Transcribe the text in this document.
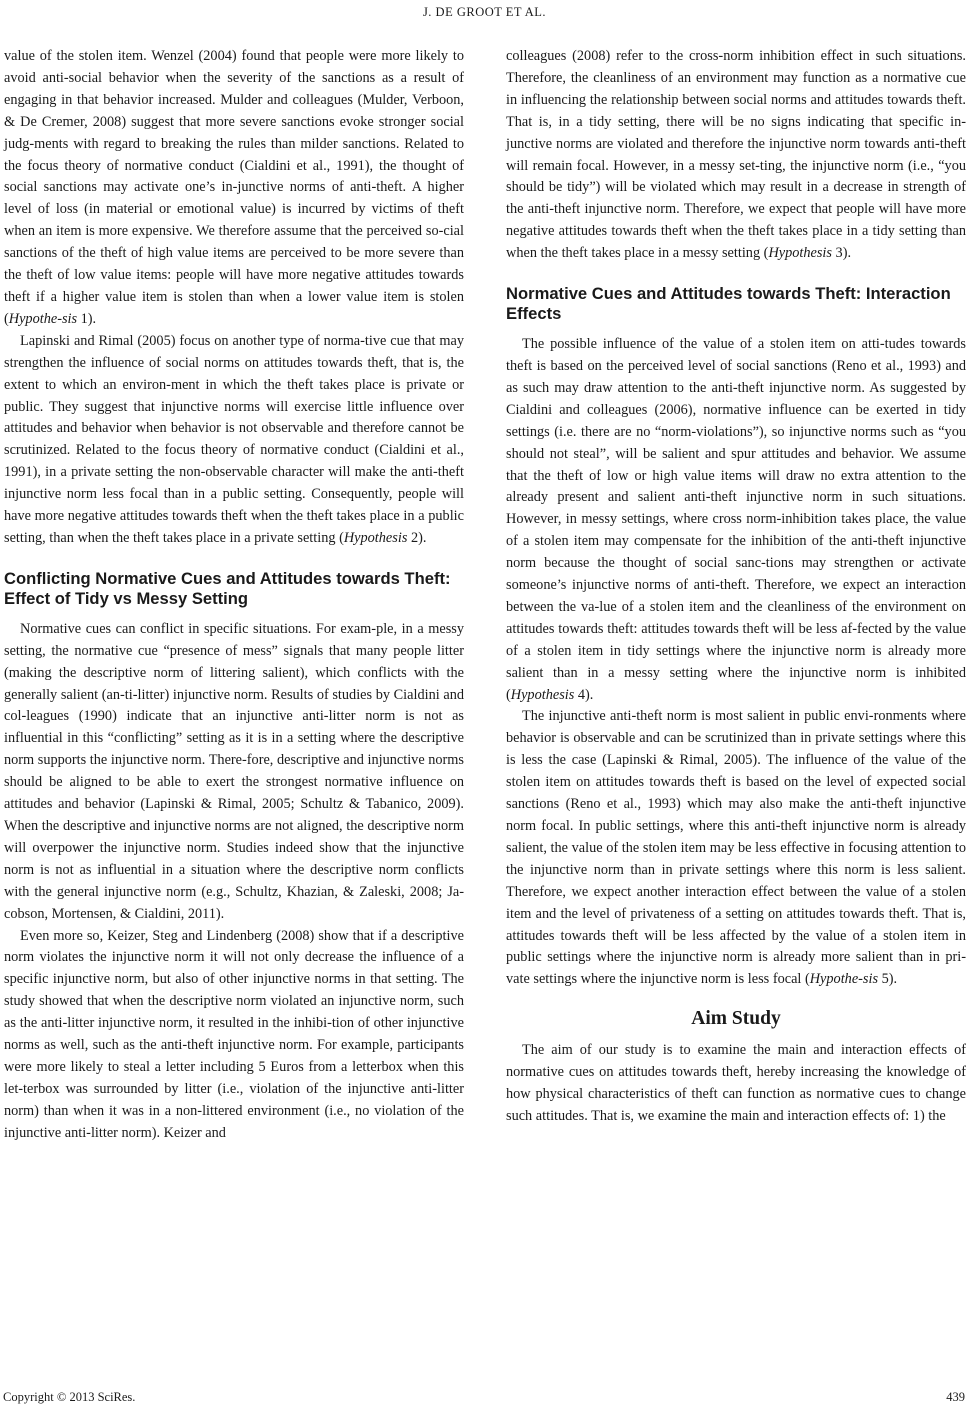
J. DE GROOT ET AL.

value of the stolen item. Wenzel (2004) found that people were more likely to avoid anti-social behavior when the severity of the sanctions as a result of engaging in that behavior increased. Mulder and colleagues (Mulder, Verboon, & De Cremer, 2008) suggest that more severe sanctions evoke stronger social judg-ments with regard to breaking the rules than milder sanctions. Related to the focus theory of normative conduct (Cialdini et al., 1991), the thought of social sanctions may activate one’s in-junctive norms of anti-theft. A higher level of loss (in material or emotional value) is incurred by victims of theft when an item is more expensive. We therefore assume that the perceived so-cial sanctions of the theft of high value items are perceived to be more severe than the theft of low value items: people will have more negative attitudes towards theft if a higher value item is stolen than when a lower value item is stolen (Hypothe-sis 1).

Lapinski and Rimal (2005) focus on another type of norma-tive cue that may strengthen the influence of social norms on attitudes towards theft, that is, the extent to which an environ-ment in which the theft takes place is private or public. They suggest that injunctive norms will exercise little influence over attitudes and behavior when behavior is not observable and therefore cannot be scrutinized. Related to the focus theory of normative conduct (Cialdini et al., 1991), in a private setting the non-observable character will make the anti-theft injunctive norm less focal than in a public setting. Consequently, people will have more negative attitudes towards theft when the theft takes place in a public setting, than when the theft takes place in a private setting (Hypothesis 2).

Conflicting Normative Cues and Attitudes towards Theft: Effect of Tidy vs Messy Setting

Normative cues can conflict in specific situations. For exam-ple, in a messy setting, the normative cue “presence of mess” signals that many people litter (making the descriptive norm of littering salient), which conflicts with the generally salient (an-ti-litter) injunctive norm. Results of studies by Cialdini and col-leagues (1990) indicate that an injunctive anti-litter norm is not as influential in this “conflicting” setting as it is in a setting where the descriptive norm supports the injunctive norm. There-fore, descriptive and injunctive norms should be aligned to be able to exert the strongest normative influence on attitudes and behavior (Lapinski & Rimal, 2005; Schultz & Tabanico, 2009). When the descriptive and injunctive norms are not aligned, the descriptive norm will overpower the injunctive norm. Studies indeed show that the injunctive norm is not as influential in a situation where the descriptive norm conflicts with the general injunctive norm (e.g., Schultz, Khazian, & Zaleski, 2008; Ja-cobson, Mortensen, & Cialdini, 2011).

Even more so, Keizer, Steg and Lindenberg (2008) show that if a descriptive norm violates the injunctive norm it will not only decrease the influence of a specific injunctive norm, but also of other injunctive norms in that setting. The study showed that when the descriptive norm violated an injunctive norm, such as the anti-litter injunctive norm, it resulted in the inhibi-tion of other injunctive norms as well, such as the anti-theft injunctive norm. For example, participants were more likely to steal a letter including 5 Euros from a letterbox when this let-terbox was surrounded by litter (i.e., violation of the injunctive anti-litter norm) than when it was in a non-littered environment (i.e., no violation of the injunctive anti-litter norm). Keizer and

colleagues (2008) refer to the cross-norm inhibition effect in such situations. Therefore, the cleanliness of an environment may function as a normative cue in influencing the relationship between social norms and attitudes towards theft. That is, in a tidy setting, there will be no signs indicating that specific in-junctive norms are violated and therefore the injunctive norm towards anti-theft will remain focal. However, in a messy set-ting, the injunctive norm (i.e., “you should be tidy”) will be violated which may result in a decrease in strength of the anti-theft injunctive norm. Therefore, we expect that people will have more negative attitudes towards theft when the theft takes place in a tidy setting than when the theft takes place in a messy setting (Hypothesis 3).

Normative Cues and Attitudes towards Theft: Interaction Effects

The possible influence of the value of a stolen item on atti-tudes towards theft is based on the perceived level of social sanctions (Reno et al., 1993) and as such may draw attention to the anti-theft injunctive norm. As suggested by Cialdini and colleagues (2006), normative influence can be exerted in tidy settings (i.e. there are no “norm-violations”), so injunctive norms such as “you should not steal”, will be salient and spur attitudes and behavior. We assume that the theft of low or high value items will draw no extra attention to the already present and salient anti-theft injunctive norm in such situations. However, in messy settings, where cross norm-inhibition takes place, the value of a stolen item may compensate for the inhibition of the anti-theft injunctive norm because the thought of social sanc-tions may strengthen or activate someone’s injunctive norms of anti-theft. Therefore, we expect an interaction between the va-lue of a stolen item and the cleanliness of the environment on attitudes towards theft: attitudes towards theft will be less af-fected by the value of a stolen item in tidy settings where the injunctive norm is already more salient than in a messy setting where the injunctive norm is inhibited (Hypothesis 4).

The injunctive anti-theft norm is most salient in public envi-ronments where behavior is observable and can be scrutinized than in private settings where this is less the case (Lapinski & Rimal, 2005). The influence of the value of the stolen item on attitudes towards theft is based on the level of expected social sanctions (Reno et al., 1993) which may also make the anti-theft injunctive norm focal. In public settings, where this anti-theft injunctive norm is already salient, the value of the stolen item may be less effective in focusing attention to the injunctive norm than in private settings where this norm is less salient. Therefore, we expect another interaction effect between the value of a stolen item and the level of privateness of a setting on attitudes towards theft. That is, attitudes towards theft will be less affected by the value of a stolen item in public settings where the injunctive norm is already more salient than in pri-vate settings where the injunctive norm is less focal (Hypothe-sis 5).

Aim Study

The aim of our study is to examine the main and interaction effects of normative cues on attitudes towards theft, hereby increasing the knowledge of how physical characteristics of theft can function as normative cues to change such attitudes. That is, we examine the main and interaction effects of: 1) the

Copyright © 2013 SciRes.	439
